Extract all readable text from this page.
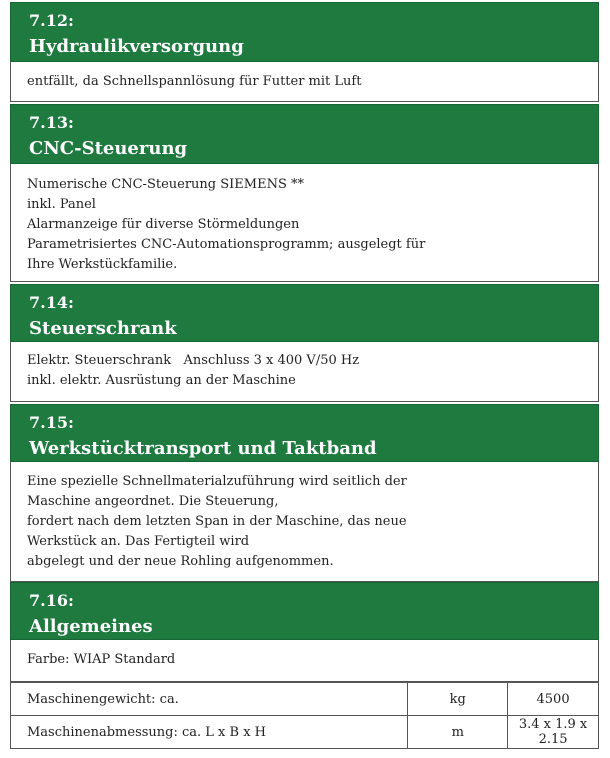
7.12:
Hydraulikversorgung
entfällt, da Schnellspannlösung für Futter mit Luft
7.13:
CNC-Steuerung
Numerische CNC-Steuerung SIEMENS **
inkl. Panel
Alarmanzeige für diverse Störmeldungen
Parametrisiertes CNC-Automationsprogramm; ausgelegt für
Ihre Werkstückfamilie.
7.14:
Steuerschrank
Elektr. Steuerschrank   Anschluss 3 x 400 V/50 Hz
inkl. elektr. Ausrüstung an der Maschine
7.15:
Werkstücktransport und Taktband
Eine spezielle Schnellmaterialzuführung wird seitlich der
Maschine angeordnet. Die Steuerung,
fordert nach dem letzten Span in der Maschine, das neue
Werkstück an. Das Fertigteil wird
abgelegt und der neue Rohling aufgenommen.
7.16:
Allgemeines
Farbe: WIAP Standard
Maschinengewicht: ca.	kg	4500
Maschinenabmessung: ca. L x B x H	m	3.4 x 1.9 x 2.15
